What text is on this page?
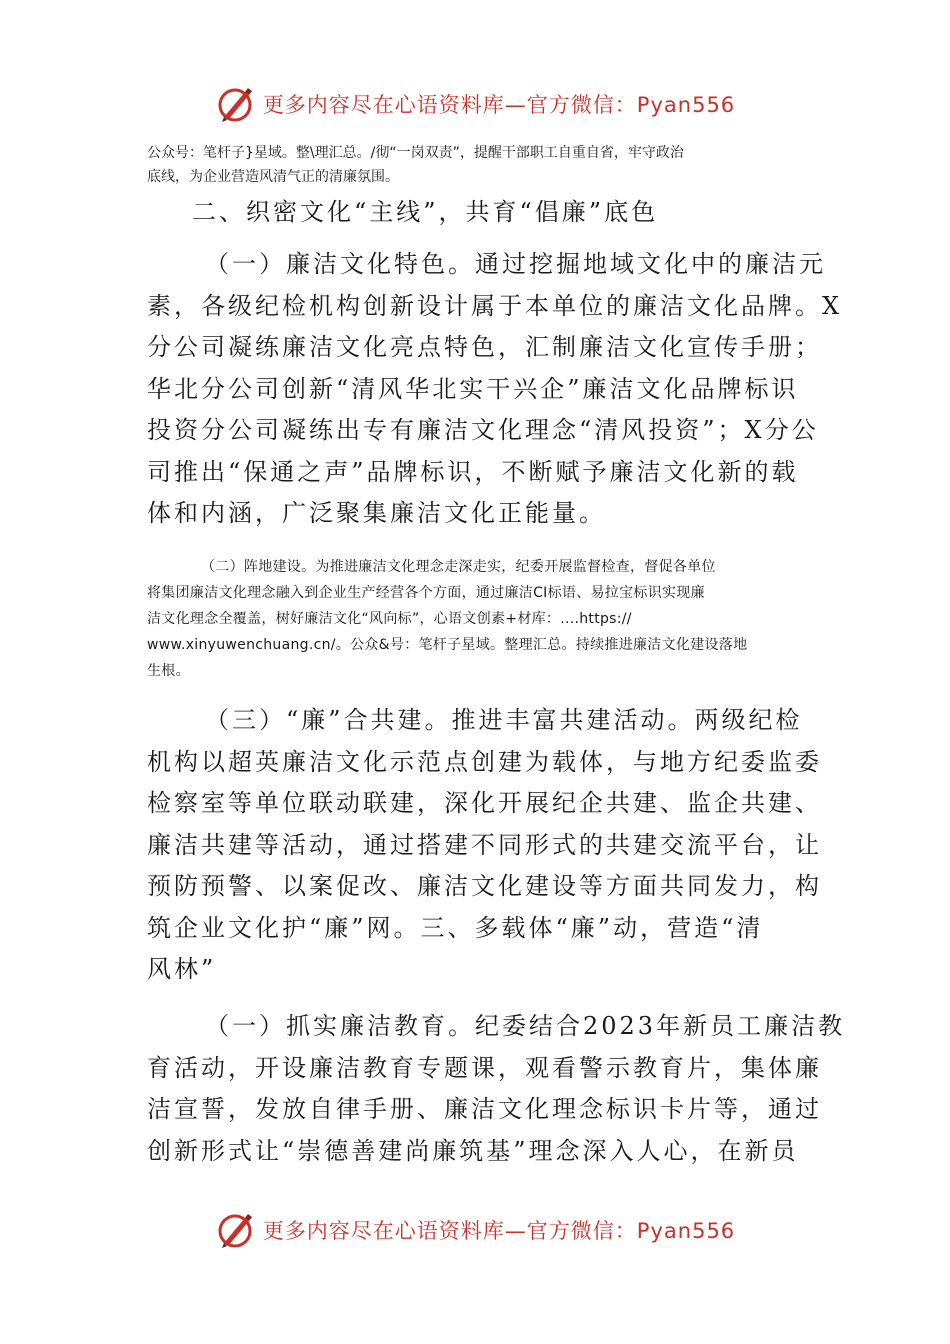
更多内容尽在心语资料库—官方微信：Pyan556
公众号：笔杆子}星域。整\理汇总。/彻“一岗双责”，提醒干部职工自重自省，牢守政治
底线，为企业营造风清气正的清廉氛围。
二、织密文化“主线”，共育“倡廉”底色
（一）廉洁文化特色。通过挖掘地域文化中的廉洁元
素，各级纪检机构创新设计属于本单位的廉洁文化品牌。X
分公司凝练廉洁文化亮点特色，汇制廉洁文化宣传手册；
华北分公司创新“清风华北实干兴企”廉洁文化品牌标识
投资分公司凝练出专有廉洁文化理念“清风投资”；X分公
司推出“保通之声”品牌标识，不断赋予廉洁文化新的载
体和内涵，广泛聚集廉洁文化正能量。
（二）阵地建设。为推进廉洁文化理念走深走实，纪委开展监督检查，督促各单位
将集团廉洁文化理念融入到企业生产经营各个方面，通过廉洁CI标语、易拉宝标识实现廉
洁文化理念全覆盖，树好廉洁文化“风向标”，心语文创素+材库：....https://
www.xinyuwenchuang.cn/。公众&号：笔杆子星域。整理汇总。持续推进廉洁文化建设落地
生根。
（三）“廉”合共建。推进丰富共建活动。两级纪检
机构以超英廉洁文化示范点创建为载体，与地方纪委监委
检察室等单位联动联建，深化开展纪企共建、监企共建、
廉洁共建等活动，通过搭建不同形式的共建交流平台，让
预防预警、以案促改、廉洁文化建设等方面共同发力，构
筑企业文化护“廉”网。三、多载体“廉”动，营造“清
风林”
（一）抓实廉洁教育。纪委结合2023年新员工廉洁教
育活动，开设廉洁教育专题课，观看警示教育片，集体廉
洁宣誓，发放自律手册、廉洁文化理念标识卡片等，通过
创新形式让“崇德善建尚廉筑基”理念深入人心，在新员
更多内容尽在心语资料库—官方微信：Pyan556
